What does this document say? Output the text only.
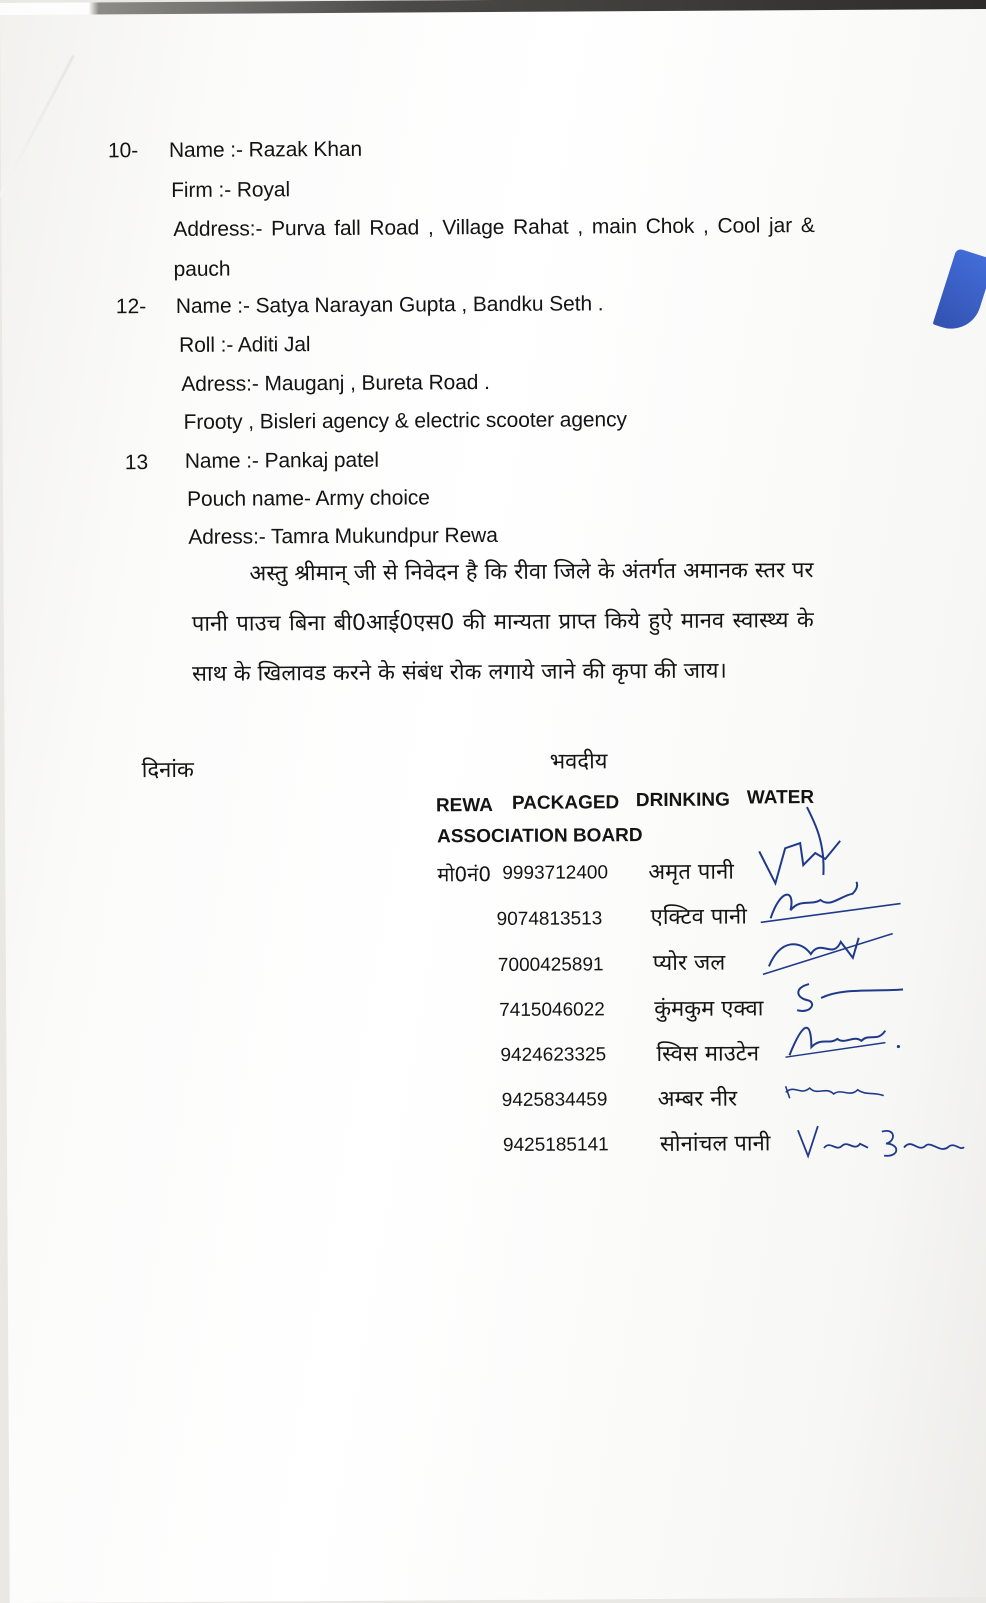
10- Name :- Razak Khan
Firm :- Royal
Address:- Purva fall Road , Village Rahat , main Chok , Cool jar &
pauch
12- Name :- Satya Narayan Gupta , Bandku Seth .
Roll :- Aditi Jal
Adress:- Mauganj , Bureta Road .
Frooty , Bisleri agency & electric scooter agency
13 Name :- Pankaj patel
Pouch name- Army choice
Adress:- Tamra Mukundpur Rewa
अस्तु श्रीमान् जी से निवेदन है कि रीवा जिले के अंतर्गत अमानक स्तर पर पानी पाउच बिना बी0आई0एस0 की मान्यता प्राप्त किये हुऐ मानव स्वास्थ्य के साथ के खिलावड करने के संबंध रोक लगाये जाने की कृपा की जाय।
दिनांक	भवदीय
REWA PACKAGED DRINKING WATER
ASSOCIATION BOARD
मो0नं0 9993712400 अमृत पानी
9074813513 एक्टिव पानी
7000425891 प्योर जल
7415046022 कुंमकुम एक्वा
9424623325 स्विस माउटेन
9425834459 अम्बर नीर
9425185141 सोनांचल पानी
